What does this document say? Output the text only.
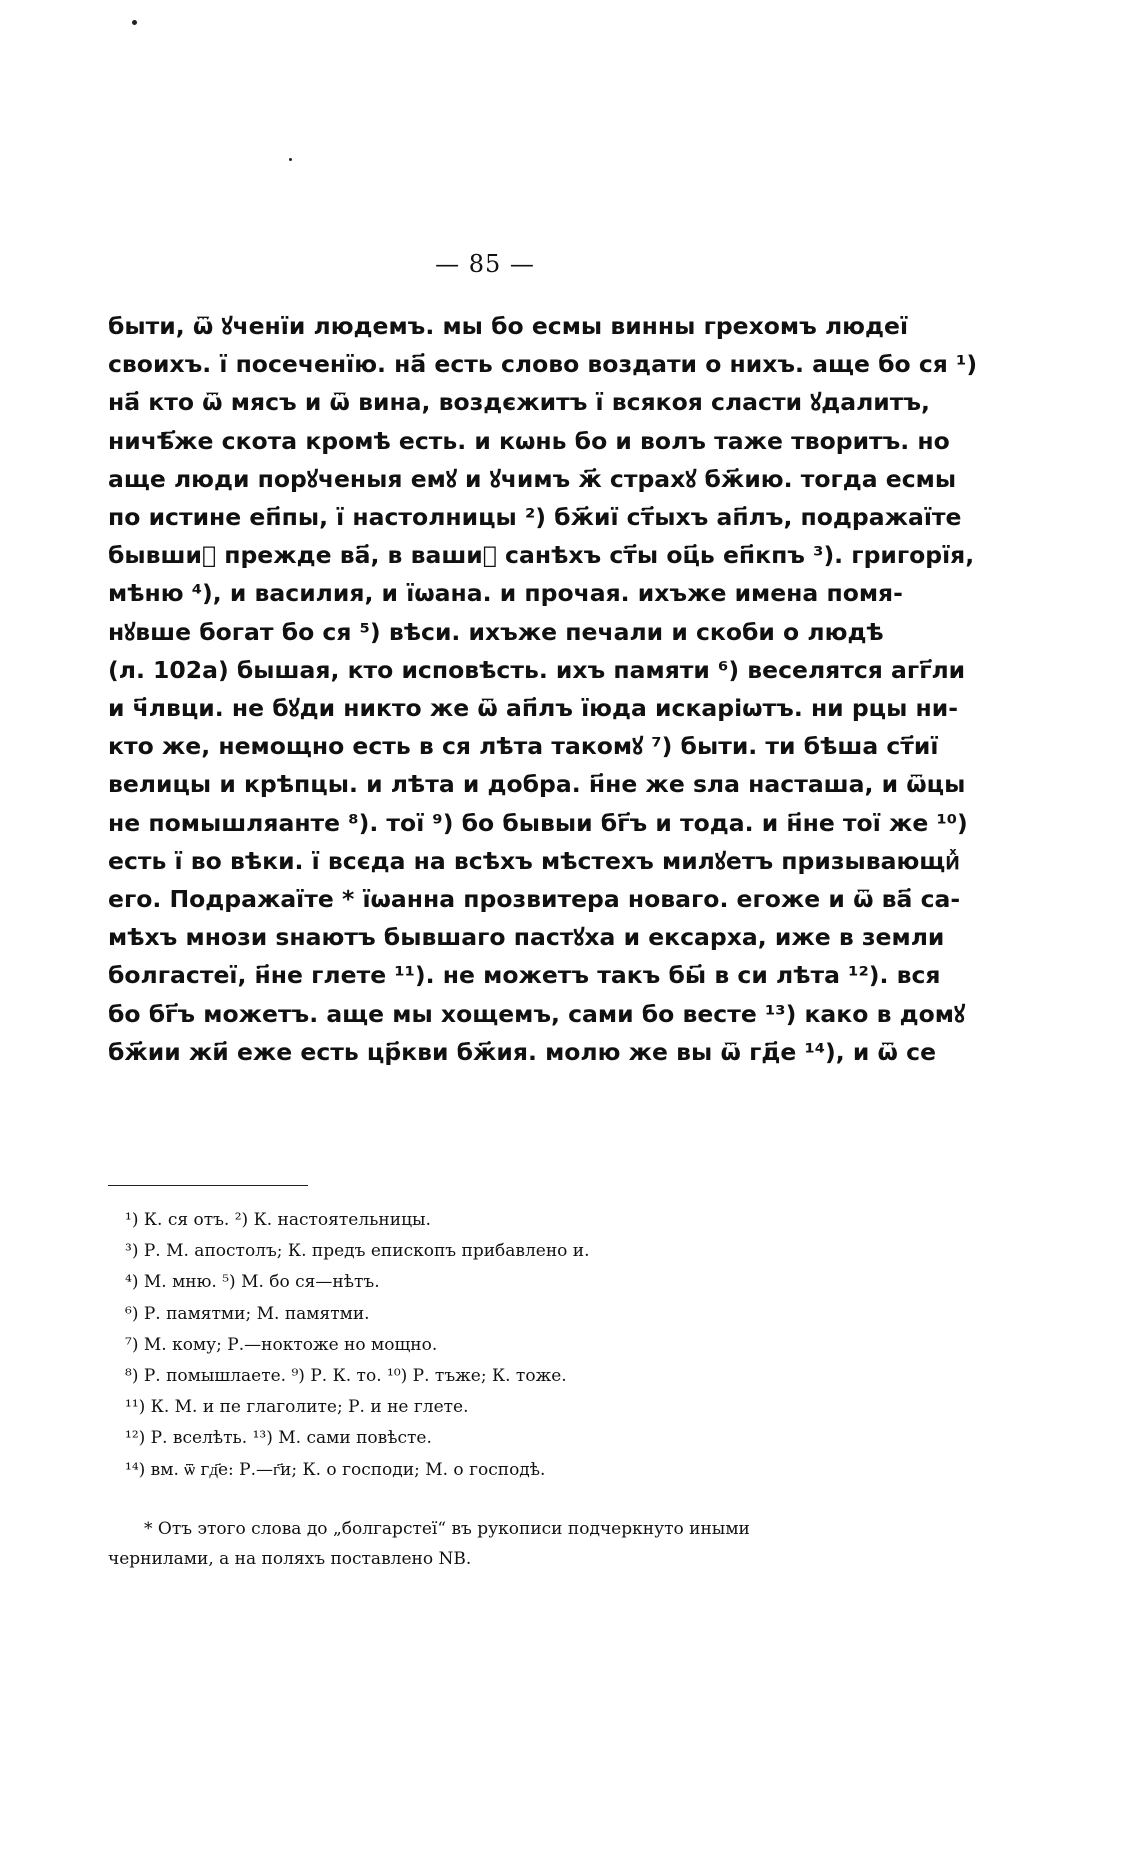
— 85 —
быти, ѿ ꙋченїи людемъ. мы бо есмы винны грехомъ людеї
своихъ. ї посеченїю. на҃ есть слово воздати о нихъ. аще бо ся ¹)
на҃ кто ѿ мясъ и ѿ вина, воздєжитъ ї всякоя сласти ꙋдалитъ,
ничѣ҃же скота кромѣ есть. и кѡнь бо и волъ таже творитъ. но
аще люди порꙋченыя емꙋ и ꙋчимъ ж҃ страхꙋ бж҃ию. тогда есмы
по истине еп҃пы, ї настолницы ²) бж҃иї ст҃ыхъ ап҃лъ, подражаїте
бывшиⷯ прежде ва҃, в вашиⷯ санѣхъ ст҃ы оц҃ь еп҃кпъ ³). григорїя,
мѣню ⁴), и василия, и їѡана. и прочая. ихъже имена помя-
нꙋвше богат бо ся ⁵) вѣси. ихъже печали и скоби о людѣ
(л. 102а) бышая, кто исповѣсть. ихъ памяти ⁶) веселятся агг҃ли
и ч҃лвци. не бꙋди никто же ѿ ап҃лъ їюда искарiѡтъ. ни рцы ни-
кто же, немощно есть в ся лѣта такомꙋ ⁷) быти. ти бѣша ст҃иї
велицы и крѣпцы. и лѣта и добра. н҃не же ѕла насташа, и ѿцы
не помышляанте ⁸). тої ⁹) бо бывыи бг҃ъ и тода. и н҃не тої же ¹⁰)
есть ї во вѣки. ї всєда на всѣхъ мѣстехъ милꙋетъ призывающиⷯ
его. Подражаїте * їѡанна прозвитера новаго. егоже и ѿ ва҃ са-
мѣхъ мнози ѕнаютъ бывшаго пастꙋха и ексархa, иже в земли
болгастеї, н҃не глете ¹¹). не можетъ такъ бы҃ в си лѣта ¹²). вся
бо бг҃ъ можетъ. аще мы хощемъ, сами бо весте ¹³) како в домꙋ
бж҃ии жи҃ еже есть цр҃кви бж҃ия. молю же вы ѿ гд҃е ¹⁴), и ѿ се
¹) К. ся отъ. ²) К. настоятельницы.
³) Р. М. апостолъ; К. предъ епископъ прибавлено и.
⁴) М. мню. ⁵) М. бо ся—нѣтъ.
⁶) Р. памятми; М. памятми.
⁷) М. кому; Р.—ноктоже но мощно.
⁸) Р. помышлаете. ⁹) Р. К. то. ¹⁰) Р. тъже; К. тоже.
¹¹) К. М. и пе глаголите; Р. и не глете.
¹²) Р. вселѣть. ¹³) М. сами повѣсте.
¹⁴) вм. ѿ гд҃е: Р.—г҃и; К. о господи; М. о господѣ.
* Отъ этого слова до „болгарстеї“ въ рукописи подчеркнуто иными
чернилами, а на поляхъ поставлено NB.
